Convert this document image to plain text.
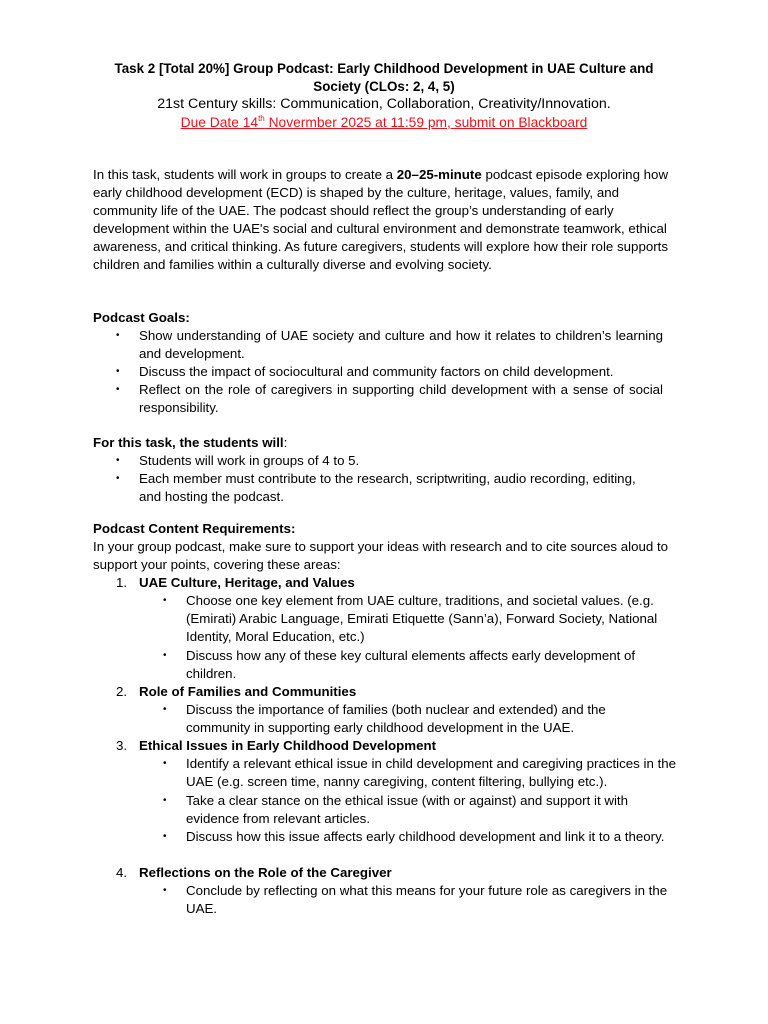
Task 2 [Total 20%] Group Podcast: Early Childhood Development in UAE Culture and
Society (CLOs: 2, 4, 5)
21st Century skills: Communication, Collaboration, Creativity/Innovation.
Due Date 14th Novermber 2025 at 11:59 pm, submit on Blackboard
In this task, students will work in groups to create a 20–25-minute podcast episode exploring how early childhood development (ECD) is shaped by the culture, heritage, values, family, and community life of the UAE. The podcast should reflect the group’s understanding of early development within the UAE's social and cultural environment and demonstrate teamwork, ethical awareness, and critical thinking. As future caregivers, students will explore how their role supports children and families within a culturally diverse and evolving society.
Podcast Goals:
• Show understanding of UAE society and culture and how it relates to children’s learning and development.
• Discuss the impact of sociocultural and community factors on child development.
• Reflect on the role of caregivers in supporting child development with a sense of social responsibility.
For this task, the students will:
• Students will work in groups of 4 to 5.
• Each member must contribute to the research, scriptwriting, audio recording, editing, and hosting the podcast.
Podcast Content Requirements:
In your group podcast, make sure to support your ideas with research and to cite sources aloud to support your points, covering these areas:
1. UAE Culture, Heritage, and Values
• Choose one key element from UAE culture, traditions, and societal values. (e.g. (Emirati) Arabic Language, Emirati Etiquette (Sann’a), Forward Society, National Identity, Moral Education, etc.)
• Discuss how any of these key cultural elements affects early development of children.
2. Role of Families and Communities
• Discuss the importance of families (both nuclear and extended) and the community in supporting early childhood development in the UAE.
3. Ethical Issues in Early Childhood Development
• Identify a relevant ethical issue in child development and caregiving practices in the UAE (e.g. screen time, nanny caregiving, content filtering, bullying etc.).
• Take a clear stance on the ethical issue (with or against) and support it with evidence from relevant articles.
• Discuss how this issue affects early childhood development and link it to a theory.
4. Reflections on the Role of the Caregiver
• Conclude by reflecting on what this means for your future role as caregivers in the UAE.
